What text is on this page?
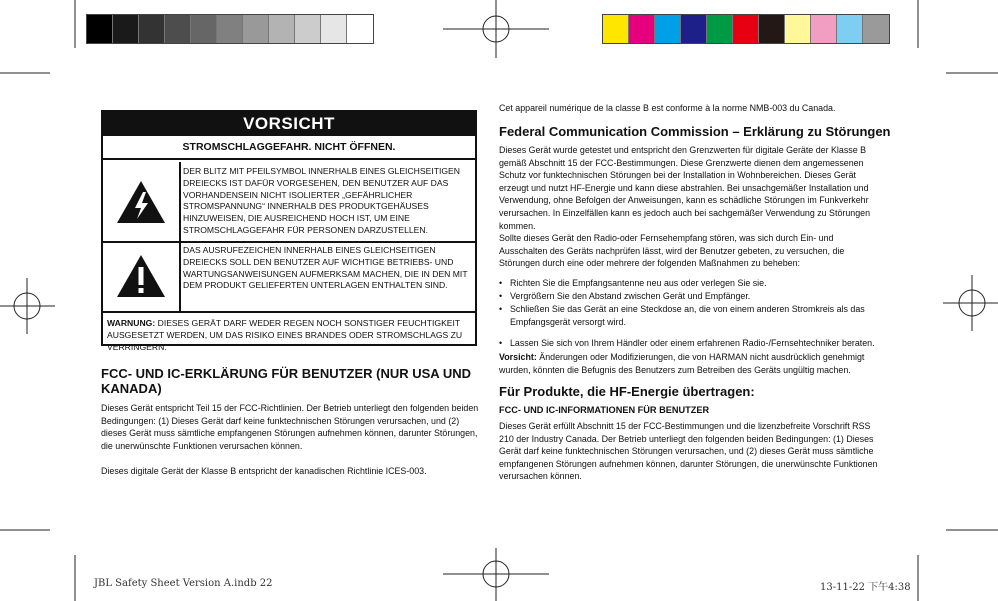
VORSICHT
STROMSCHLAGGEFAHR. NICHT ÖFFNEN.
DER BLITZ MIT PFEILSYMBOL INNERHALB EINES GLEICHSEITIGEN DREIECKS IST DAFÜR VORGESEHEN, DEN BENUTZER AUF DAS VORHANDENSEIN NICHT ISOLIERTER „GEFÄHRLICHER STROMSPANNUNG“ INNERHALB DES PRODUKTGEHÄUSES HINZUWEISEN, DIE AUSREICHEND HOCH IST, UM EINE STROMSCHLAGGEFAHR FÜR PERSONEN DARZUSTELLEN.
DAS AUSRUFEZEICHEN INNERHALB EINES GLEICHSEITIGEN DREIECKS SOLL DEN BENUTZER AUF WICHTIGE BETRIEBS- UND WARTUNGSANWEISUNGEN AUFMERKSAM MACHEN, DIE IN DEN MIT DEM PRODUKT GELIEFERTEN UNTERLAGEN ENTHALTEN SIND.
WARNUNG: DIESES GERÄT DARF WEDER REGEN NOCH SONSTIGER FEUCHTIGKEIT AUSGESETZT WERDEN, UM DAS RISIKO EINES BRANDES ODER STROMSCHLAGS ZU VERRINGERN.
FCC- UND IC-ERKLÄRUNG FÜR BENUTZER (NUR USA UND KANADA)
Dieses Gerät entspricht Teil 15 der FCC-Richtlinien. Der Betrieb unterliegt den folgenden beiden Bedingungen: (1) Dieses Gerät darf keine funktechnischen Störungen verursachen, und (2) dieses Gerät muss sämtliche empfangenen Störungen aufnehmen können, darunter Störungen, die unerwünschte Funktionen verursachen können.
Dieses digitale Gerät der Klasse B entspricht der kanadischen Richtlinie ICES-003.
Cet appareil numérique de la classe B est conforme à la norme NMB-003 du Canada.
Federal Communication Commission – Erklärung zu Störungen
Dieses Gerät wurde getestet und entspricht den Grenzwerten für digitale Geräte der Klasse B gemäß Abschnitt 15 der FCC-Bestimmungen. Diese Grenzwerte dienen dem angemessenen Schutz vor funktechnischen Störungen bei der Installation in Wohnbereichen. Dieses Gerät erzeugt und nutzt HF-Energie und kann diese abstrahlen. Bei unsachgemäßer Installation und Verwendung, ohne Befolgen der Anweisungen, kann es schädliche Störungen im Funkverkehr verursachen. In Einzelfällen kann es jedoch auch bei sachgemäßer Verwendung zu Störungen kommen.
Sollte dieses Gerät den Radio-oder Fernsehempfang stören, was sich durch Ein- und Ausschalten des Geräts nachprüfen lässt, wird der Benutzer gebeten, zu versuchen, die Störungen durch eine oder mehrere der folgenden Maßnahmen zu beheben:
• Richten Sie die Empfangsantenne neu aus oder verlegen Sie sie.
• Vergrößern Sie den Abstand zwischen Gerät und Empfänger.
• Schließen Sie das Gerät an eine Steckdose an, die von einem anderen Stromkreis als das Empfangsgerät versorgt wird.
• Lassen Sie sich von Ihrem Händler oder einem erfahrenen Radio-/Fernsehtechniker beraten.
Vorsicht: Änderungen oder Modifizierungen, die von HARMAN nicht ausdrücklich genehmigt wurden, könnten die Befugnis des Benutzers zum Betreiben des Geräts ungültig machen.
Für Produkte, die HF-Energie übertragen:
FCC- UND IC-INFORMATIONEN FÜR BENUTZER
Dieses Gerät erfüllt Abschnitt 15 der FCC-Bestimmungen und die lizenzbefreite Vorschrift RSS 210 der Industry Canada. Der Betrieb unterliegt den folgenden beiden Bedingungen: (1) Dieses Gerät darf keine funktechnischen Störungen verursachen, und (2) dieses Gerät muss sämtliche empfangenen Störungen aufnehmen können, darunter Störungen, die unerwünschte Funktionen verursachen können.
JBL Safety Sheet Version A.indb 22	13-11-22 下午4:38
